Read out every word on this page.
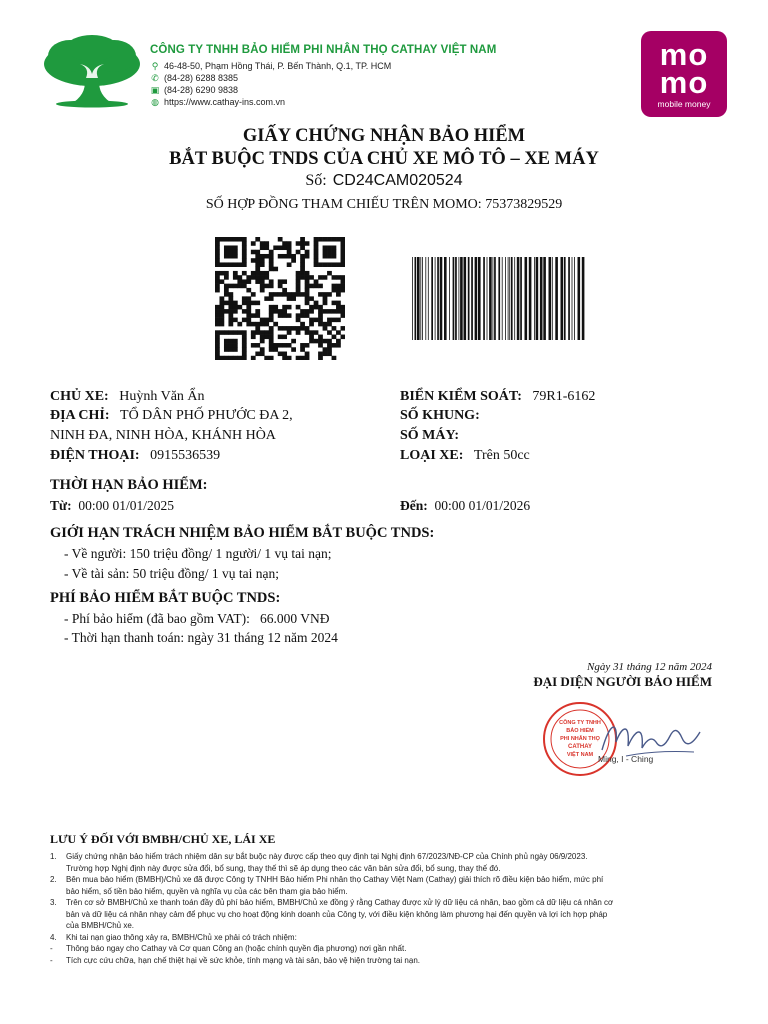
CÔNG TY TNHH BẢO HIỂM PHI NHÂN THỌ CATHAY VIỆT NAM
⚲ 46-48-50, Phạm Hồng Thái, P. Bến Thành, Q.1, TP. HCM
✆ (84-28) 6288 8385
▣ (84-28) 6290 9838
◍ https://www.cathay-ins.com.vn
mo
mo
mobile money
GIẤY CHỨNG NHẬN BẢO HIỂM
BẮT BUỘC TNDS CỦA CHỦ XE MÔ TÔ – XE MÁY
Số: CD24CAM020524
SỐ HỢP ĐỒNG THAM CHIẾU TRÊN MOMO: 75373829529
CHỦ XE: Huỳnh Văn Ẩn
ĐỊA CHỈ: TỔ DÂN PHỐ PHƯỚC ĐA 2,
NINH ĐA, NINH HÒA, KHÁNH HÒA
ĐIỆN THOẠI: 0915536539
BIỂN KIỂM SOÁT: 79R1-6162
SỐ KHUNG:
SỐ MÁY:
LOẠI XE: Trên 50cc
THỜI HẠN BẢO HIỂM:
Từ: 00:00 01/01/2025	Đến: 00:00 01/01/2026
GIỚI HẠN TRÁCH NHIỆM BẢO HIỂM BẮT BUỘC TNDS:
- Về người: 150 triệu đồng/ 1 người/ 1 vụ tai nạn;
- Về tài sản: 50 triệu đồng/ 1 vụ tai nạn;
PHÍ BẢO HIỂM BẮT BUỘC TNDS:
- Phí bảo hiểm (đã bao gồm VAT): 66.000 VNĐ
- Thời hạn thanh toán: ngày 31 tháng 12 năm 2024
Ngày 31 tháng 12 năm 2024
ĐẠI DIỆN NGƯỜI BẢO HIỂM
CÔNG TY TNHH
BẢO HIỂM
PHI NHÂN THỌ
CATHAY
VIỆT NAM Ming, I - Ching
LƯU Ý ĐỐI VỚI BMBH/CHỦ XE, LÁI XE
1. Giấy chứng nhận bảo hiểm trách nhiệm dân sự bắt buộc này được cấp theo quy định tại Nghị định 67/2023/NĐ-CP của Chính phủ ngày 06/9/2023.
Trường hợp Nghị định này được sửa đổi, bổ sung, thay thế thì sẽ áp dụng theo các văn bản sửa đổi, bổ sung, thay thế đó.
2. Bên mua bảo hiểm (BMBH)/Chủ xe đã được Công ty TNHH Bảo hiểm Phi nhân thọ Cathay Việt Nam (Cathay) giải thích rõ điều kiện bảo hiểm, mức phí
bảo hiểm, số tiền bảo hiểm, quyền và nghĩa vụ của các bên tham gia bảo hiểm.
3. Trên cơ sở BMBH/Chủ xe thanh toán đầy đủ phí bảo hiểm, BMBH/Chủ xe đồng ý rằng Cathay được xử lý dữ liệu cá nhân, bao gồm cả dữ liệu cá nhân cơ
bản và dữ liệu cá nhân nhạy cảm để phục vụ cho hoạt động kinh doanh của Công ty, với điều kiện không làm phương hại đến quyền và lợi ích hợp pháp
của BMBH/Chủ xe.
4. Khi tai nạn giao thông xảy ra, BMBH/Chủ xe phải có trách nhiệm:
- Thông báo ngay cho Cathay và Cơ quan Công an (hoặc chính quyền địa phương) nơi gần nhất.
- Tích cực cứu chữa, hạn chế thiệt hại về sức khỏe, tính mạng và tài sản, bảo vệ hiện trường tai nạn.
